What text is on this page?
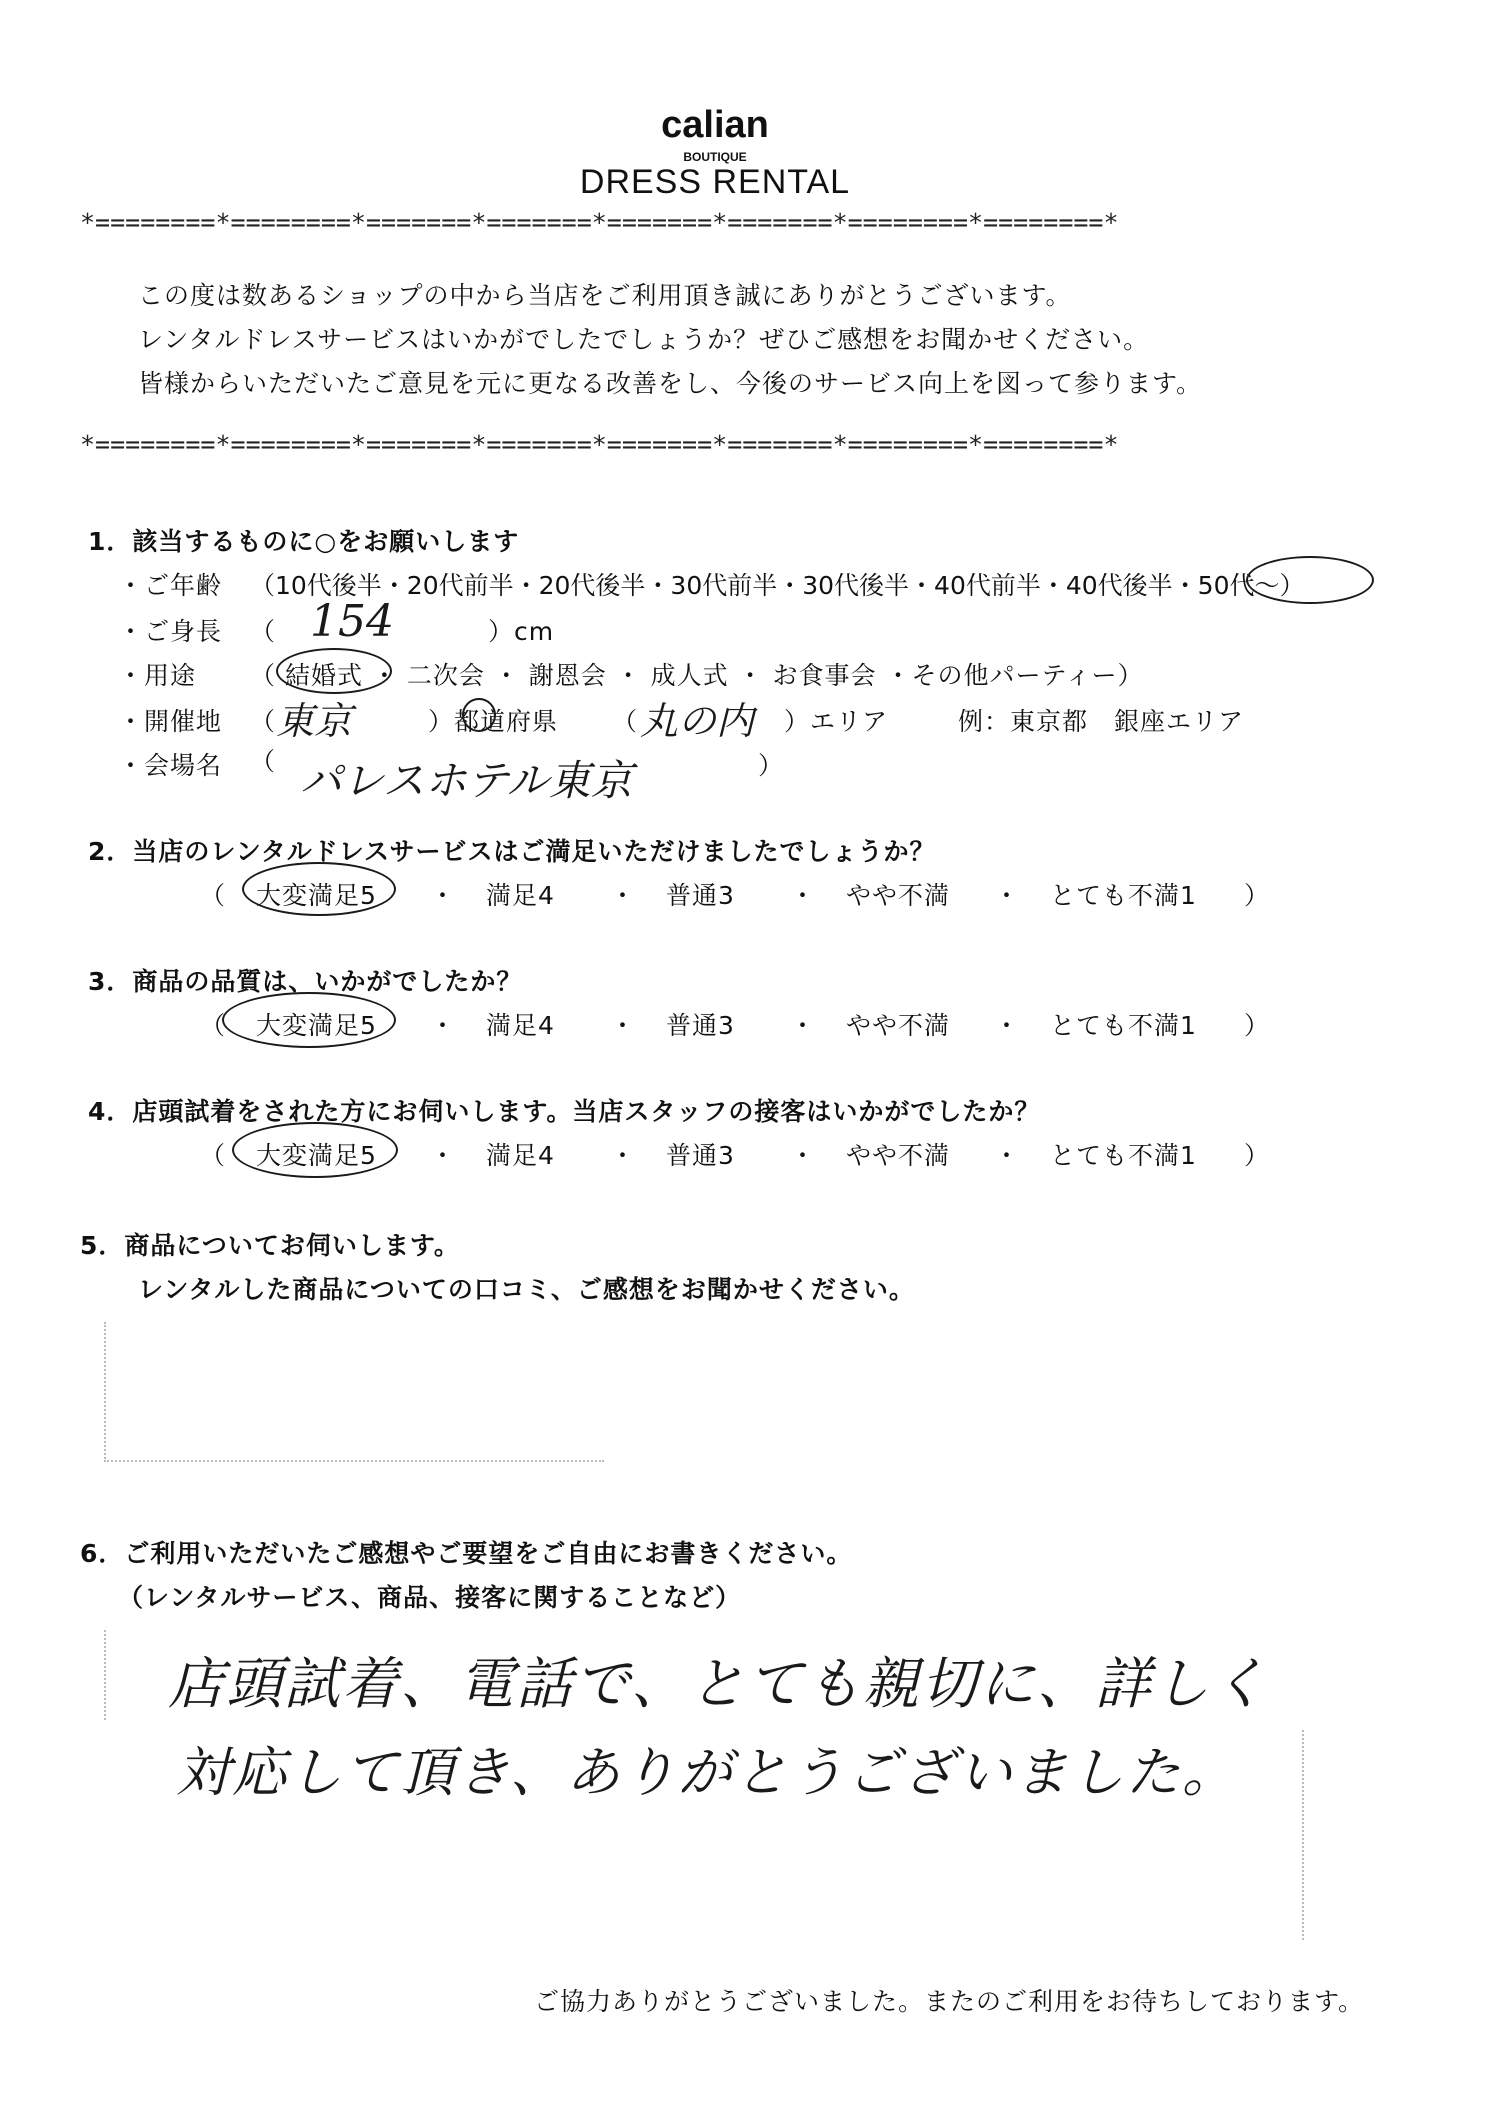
calian
BOUTIQUE
DRESS RENTAL
*========*========*=======*=======*=======*=======*========*========*
この度は数あるショップの中から当店をご利用頂き誠にありがとうございます。
レンタルドレスサービスはいかがでしたでしょうか？ぜひご感想をお聞かせください。
皆様からいただいたご意見を元に更なる改善をし、今後のサービス向上を図って参ります。
*========*========*=======*=======*=======*=======*========*========*
1．該当するものに○をお願いします
・ご年齢 （10代後半・20代前半・20代後半・30代前半・30代後半・40代前半・40代後半・50代～）
・ご身長 （ 154	）cm
・用途 （ 結婚式 ・ 二次会 ・ 謝恩会 ・ 成人式 ・ お食事会 ・その他パーティー）
・開催地 （ 東京	）都道府県 （ 丸の内 ）エリア	例：東京都　銀座エリア
・会場名 （ パレスホテル東京	）
2．当店のレンタルドレスサービスはご満足いただけましたでしょうか？
（ 大変満足5 ・ 満足4 ・ 普通3 ・ やや不満 ・ とても不満1 ）
3．商品の品質は、いかがでしたか？
（ 大変満足5 ・ 満足4 ・ 普通3 ・ やや不満 ・ とても不満1 ）
4．店頭試着をされた方にお伺いします。当店スタッフの接客はいかがでしたか？
（ 大変満足5 ・ 満足4 ・ 普通3 ・ やや不満 ・ とても不満1 ）
5．商品についてお伺いします。
レンタルした商品についての口コミ、ご感想をお聞かせください。
6．ご利用いただいたご感想やご要望をご自由にお書きください。
（レンタルサービス、商品、接客に関することなど）
店頭試着、電話で、とても親切に、詳しく
対応して頂き、ありがとうございました。
ご協力ありがとうございました。またのご利用をお待ちしております。
